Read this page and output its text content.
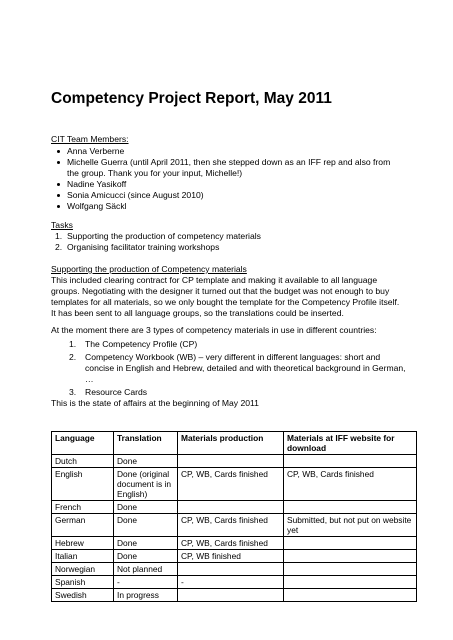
Competency Project Report, May 2011
CIT Team Members:
Anna Verberne
Michelle Guerra (until April 2011, then she stepped down as an IFF rep and also from the group. Thank you for your input, Michelle!)
Nadine Yasikoff
Sonia Amicucci (since August 2010)
Wolfgang Säckl
Tasks
1. Supporting the production of competency materials
2. Organising facilitator training workshops
Supporting the production of Competency materials
This included clearing contract for CP template and making it available to all language groups. Negotiating with the designer it turned out that the budget was not enough to buy templates for all materials, so we only bought the template for the Competency Profile itself. It has been sent to all language groups, so the translations could be inserted.
At the moment there are 3 types of competency materials in use in different countries:
1. The Competency Profile (CP)
2. Competency Workbook (WB) – very different in different languages: short and concise in English and Hebrew, detailed and with theoretical background in German, …
3. Resource Cards
This is the state of affairs at the beginning of May 2011
Language	Translation	Materials production	Materials at IFF website for download
Dutch	Done		
English	Done (original document is in English)	CP, WB, Cards finished	CP, WB, Cards finished
French	Done		
German	Done	CP, WB, Cards finished	Submitted, but not put on website yet
Hebrew	Done	CP, WB, Cards finished	
Italian	Done	CP, WB finished	
Norwegian	Not planned		
Spanish	-	-	
Swedish	In progress		
